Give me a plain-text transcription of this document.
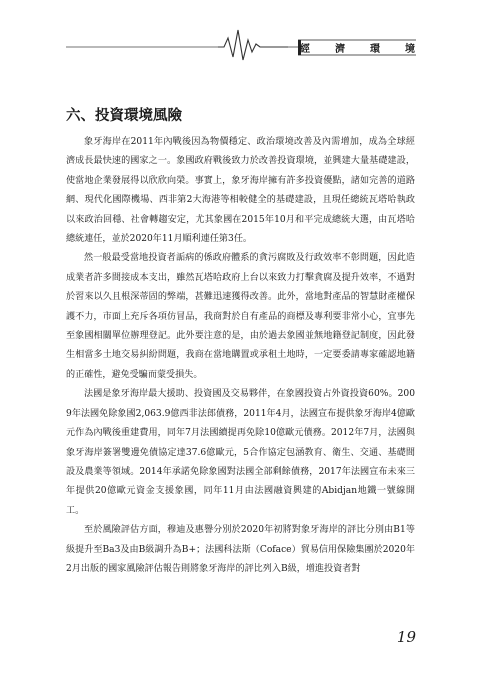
經	濟	環	境
六、投資環境風險

象牙海岸在2011年內戰後因為物價穩定、政治環境改善及內需增加，成為全球經濟成長最快速的國家之一。象國政府戰後致力於改善投資環境，並興建大量基礎建設，使當地企業發展得以欣欣向榮。事實上，象牙海岸擁有許多投資優點，諸如完善的道路網、現代化國際機場、西非第2大海港等相較健全的基礎建設，且現任總統瓦塔哈執政以來政治回穩、社會轉趨安定，尤其象國在2015年10月和平完成總統大選，由瓦塔哈總統連任，並於2020年11月順利連任第3任。

然一般最受當地投資者詬病的係政府體系的貪污腐敗及行政效率不彰問題，因此造成業者許多間接成本支出，雖然瓦塔哈政府上台以來致力打擊貪腐及提升效率，不過對於習來以久且根深蒂固的弊端，甚難迅速獲得改善。此外，當地對產品的智慧財產權保護不力，市面上充斥各項仿冒品，我商對於自有產品的商標及專利要非常小心，宜事先至象國相關單位辦理登記。此外要注意的是，由於過去象國並無地籍登記制度，因此發生相當多土地交易糾紛問題，我商在當地購置或承租土地時，一定要委請專家確認地籍的正確性，避免受騙而蒙受損失。

法國是象牙海岸最大援助、投資國及交易夥伴，在象國投資占外資投資60%。2009年法國免除象國2,063.9億西非法郎債務，2011年4月，法國宣布提供象牙海岸4億歐元作為內戰後重建費用，同年7月法國續提再免除10億歐元債務。2012年7月，法國與象牙海岸簽署雙邊免債協定達37.6億歐元，5合作協定包涵教育、衛生、交通、基礎間設及農業等領域。2014年承諾免除象國對法國全部剩餘債務，2017年法國宣布未來三年提供20億歐元資金支援象國，同年11月由法國融資興建的Abidjan地鐵一號線開工。

至於風險評估方面，穆迪及惠譽分別於2020年初將對象牙海岸的評比分別由B1等級提升至Ba3及由B級調升為B+；法國科法斯（Coface）貿易信用保險集團於2020年2月出版的國家風險評估報告則將象牙海岸的評比列入B級，增進投資者對

19
